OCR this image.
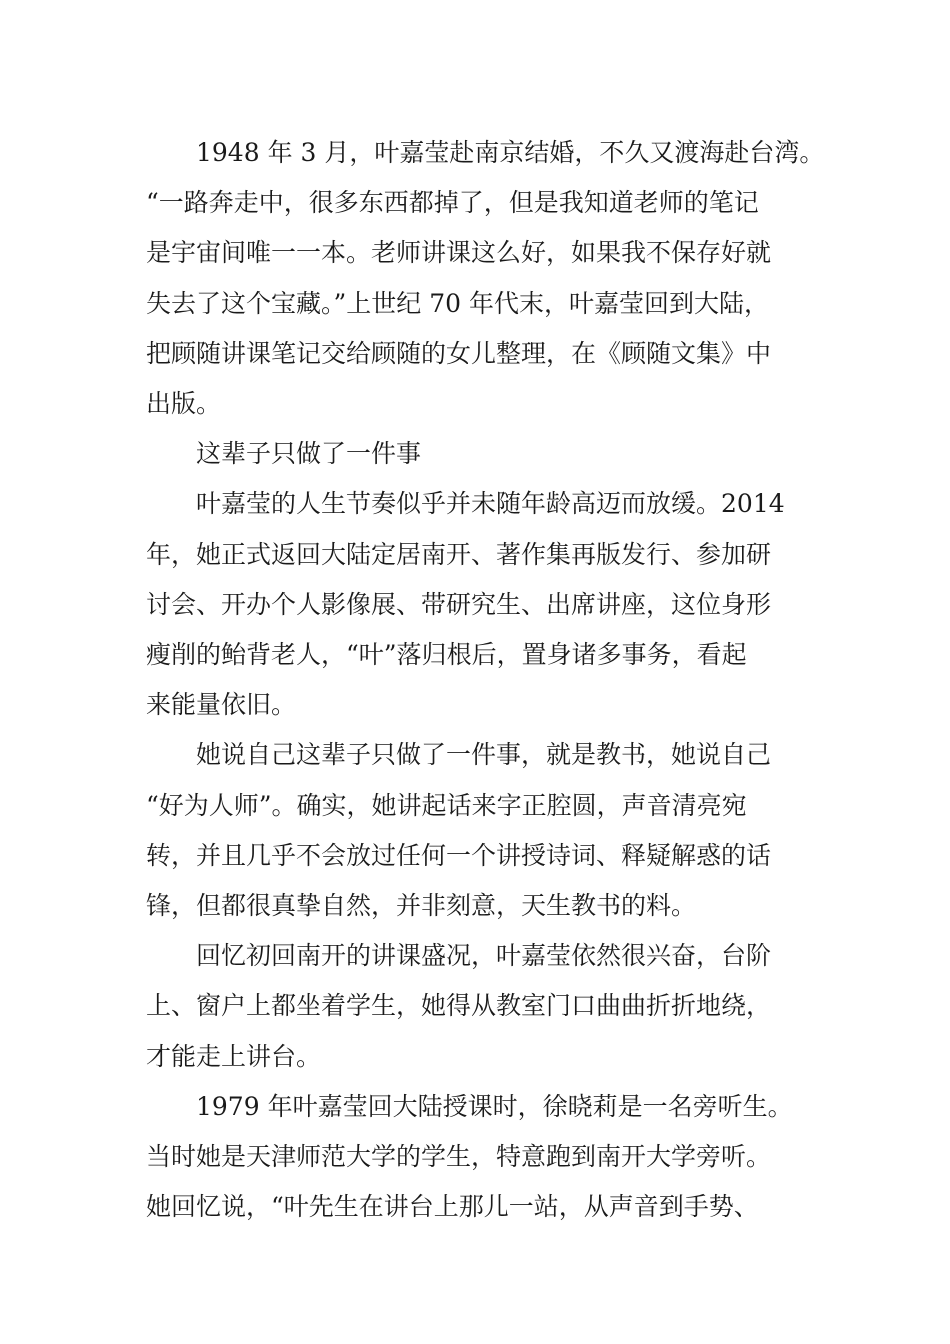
1948 年 3 月，叶嘉莹赴南京结婚，不久又渡海赴台湾。
“一路奔走中，很多东西都掉了，但是我知道老师的笔记
是宇宙间唯一一本。老师讲课这么好，如果我不保存好就
失去了这个宝藏。”上世纪 70 年代末，叶嘉莹回到大陆，
把顾随讲课笔记交给顾随的女儿整理，在《顾随文集》中
出版。

这辈子只做了一件事

叶嘉莹的人生节奏似乎并未随年龄高迈而放缓。2014
年，她正式返回大陆定居南开、著作集再版发行、参加研
讨会、开办个人影像展、带研究生、出席讲座，这位身形
瘦削的鲐背老人，“叶”落归根后，置身诸多事务，看起
来能量依旧。

她说自己这辈子只做了一件事，就是教书，她说自己
“好为人师”。确实，她讲起话来字正腔圆，声音清亮宛
转，并且几乎不会放过任何一个讲授诗词、释疑解惑的话
锋，但都很真挚自然，并非刻意，天生教书的料。

回忆初回南开的讲课盛况，叶嘉莹依然很兴奋，台阶
上、窗户上都坐着学生，她得从教室门口曲曲折折地绕，
才能走上讲台。

1979 年叶嘉莹回大陆授课时，徐晓莉是一名旁听生。
当时她是天津师范大学的学生，特意跑到南开大学旁听。
她回忆说，“叶先生在讲台上那儿一站，从声音到手势、
